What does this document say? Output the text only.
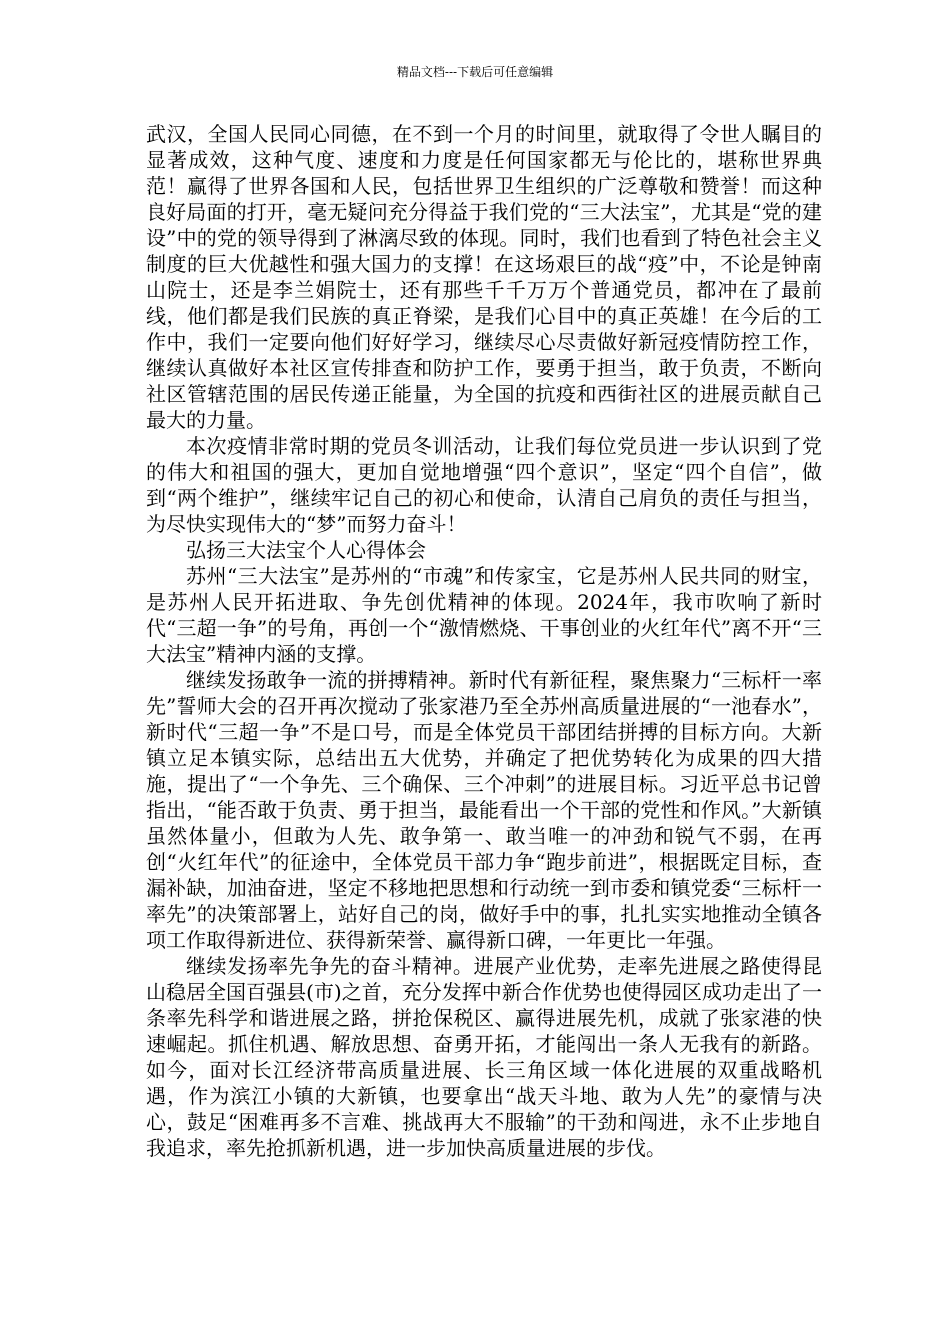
精品文档---下载后可任意编辑

武汉，全国人民同心同德，在不到一个月的时间里，就取得了令世人瞩目的显著成效，这种气度、速度和力度是任何国家都无与伦比的，堪称世界典范！赢得了世界各国和人民，包括世界卫生组织的广泛尊敬和赞誉！而这种良好局面的打开，毫无疑问充分得益于我们党的“三大法宝”，尤其是“党的建设”中的党的领导得到了淋漓尽致的体现。同时，我们也看到了特色社会主义制度的巨大优越性和强大国力的支撑！在这场艰巨的战“疫”中，不论是钟南山院士，还是李兰娟院士，还有那些千千万万个普通党员，都冲在了最前线，他们都是我们民族的真正脊梁，是我们心目中的真正英雄！在今后的工作中，我们一定要向他们好好学习，继续尽心尽责做好新冠疫情防控工作，继续认真做好本社区宣传排查和防护工作，要勇于担当，敢于负责，不断向社区管辖范围的居民传递正能量，为全国的抗疫和西街社区的进展贡献自己最大的力量。

本次疫情非常时期的党员冬训活动，让我们每位党员进一步认识到了党的伟大和祖国的强大，更加自觉地增强“四个意识”，坚定“四个自信”，做到“两个维护”，继续牢记自己的初心和使命，认清自己肩负的责任与担当，为尽快实现伟大的“梦”而努力奋斗！

弘扬三大法宝个人心得体会

苏州“三大法宝”是苏州的“市魂”和传家宝，它是苏州人民共同的财宝，是苏州人民开拓进取、争先创优精神的体现。2024年，我市吹响了新时代“三超一争”的号角，再创一个“激情燃烧、干事创业的火红年代”离不开“三大法宝”精神内涵的支撑。

继续发扬敢争一流的拼搏精神。新时代有新征程，聚焦聚力“三标杆一率先”誓师大会的召开再次搅动了张家港乃至全苏州高质量进展的“一池春水”，新时代“三超一争”不是口号，而是全体党员干部团结拼搏的目标方向。大新镇立足本镇实际，总结出五大优势，并确定了把优势转化为成果的四大措施，提出了“一个争先、三个确保、三个冲刺”的进展目标。习近平总书记曾指出，“能否敢于负责、勇于担当，最能看出一个干部的党性和作风。”大新镇虽然体量小，但敢为人先、敢争第一、敢当唯一的冲劲和锐气不弱，在再创“火红年代”的征途中，全体党员干部力争“跑步前进”，根据既定目标，查漏补缺，加油奋进，坚定不移地把思想和行动统一到市委和镇党委“三标杆一率先”的决策部署上，站好自己的岗，做好手中的事，扎扎实实地推动全镇各项工作取得新进位、获得新荣誉、赢得新口碑，一年更比一年强。

继续发扬率先争先的奋斗精神。进展产业优势，走率先进展之路使得昆山稳居全国百强县(市)之首，充分发挥中新合作优势也使得园区成功走出了一条率先科学和谐进展之路，拼抢保税区、赢得进展先机，成就了张家港的快速崛起。抓住机遇、解放思想、奋勇开拓，才能闯出一条人无我有的新路。如今，面对长江经济带高质量进展、长三角区域一体化进展的双重战略机遇，作为滨江小镇的大新镇，也要拿出“战天斗地、敢为人先”的豪情与决心，鼓足“困难再多不言难、挑战再大不服输”的干劲和闯进，永不止步地自我追求，率先抢抓新机遇，进一步加快高质量进展的步伐。
